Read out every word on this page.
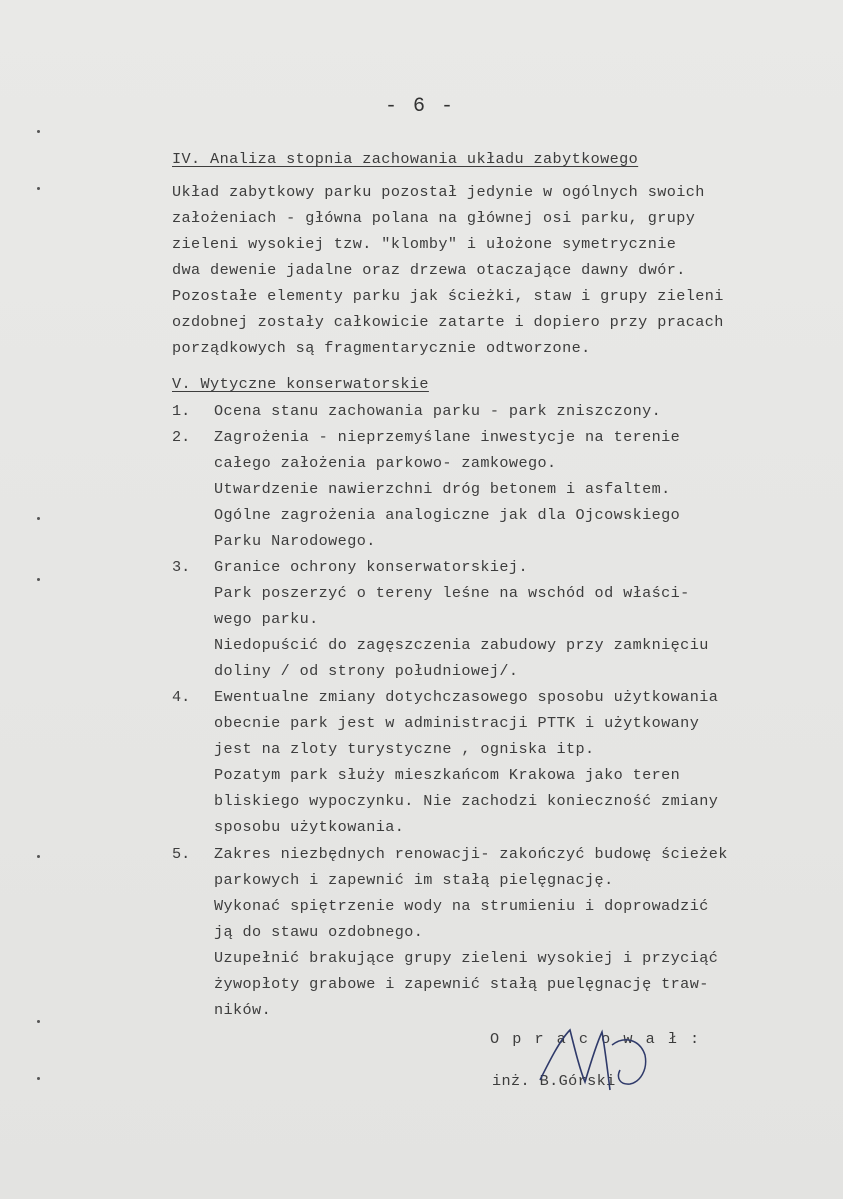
- 6 -
IV. Analiza stopnia zachowania układu zabytkowego
Układ zabytkowy parku pozostał jedynie w ogólnych swoich
założeniach - główna polana na głównej osi parku, grupy
zieleni wysokiej tzw. "klomby" i ułożone symetrycznie
dwa dewenie jadalne oraz drzewa otaczające dawny dwór.
Pozostałe elementy parku jak ścieżki, staw i grupy zieleni
ozdobnej zostały całkowicie zatarte i dopiero przy pracach
porządkowych są fragmentarycznie odtworzone.
V. Wytyczne konserwatorskie
1. Ocena stanu zachowania parku - park zniszczony.
2. Zagrożenia - nieprzemyślane inwestycje na terenie
całego założenia parkowo- zamkowego.
Utwardzenie nawierzchni dróg betonem i asfaltem.
Ogólne zagrożenia analogiczne jak dla Ojcowskiego
Parku Narodowego.
3. Granice ochrony konserwatorskiej.
Park poszerzyć o tereny leśne na wschód od właści-
wego parku.
Niedopuścić do zagęszczenia zabudowy przy zamknięciu
doliny / od strony południowej/.
4. Ewentualne zmiany dotychczasowego sposobu użytkowania
obecnie park jest w administracji PTTK i użytkowany
jest na zloty turystyczne , ogniska itp.
Pozatym park służy mieszkańcom Krakowa jako teren
bliskiego wypoczynku. Nie zachodzi konieczność zmiany
sposobu użytkowania.
5. Zakres niezbędnych renowacji- zakończyć budowę ścieżek
parkowych i zapewnić im stałą pielęgnację.
Wykonać spiętrzenie wody na strumieniu i doprowadzić
ją do stawu ozdobnego.
Uzupełnić brakujące grupy zieleni wysokiej i przyciąć
żywopłoty grabowe i zapewnić stałą puelęgnację traw-
ników.
O p r a c o w a ł :
inż. B.Górski
